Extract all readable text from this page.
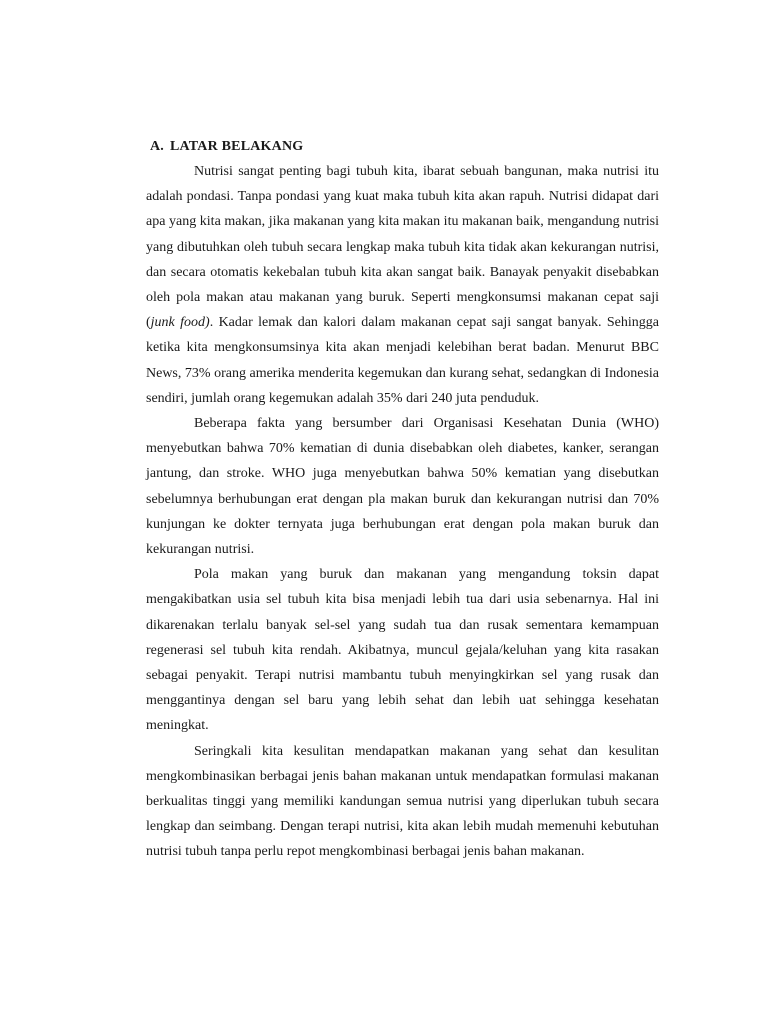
A. LATAR BELAKANG

Nutrisi sangat penting bagi tubuh kita, ibarat sebuah bangunan, maka nutrisi itu adalah pondasi. Tanpa pondasi yang kuat maka tubuh kita akan rapuh. Nutrisi didapat dari apa yang kita makan, jika makanan yang kita makan itu makanan baik, mengandung nutrisi yang dibutuhkan oleh tubuh secara lengkap maka tubuh kita tidak akan kekurangan nutrisi, dan secara otomatis kekebalan tubuh kita akan sangat baik. Banayak penyakit disebabkan oleh pola makan atau makanan yang buruk. Seperti mengkonsumsi makanan cepat saji (junk food). Kadar lemak dan kalori dalam makanan cepat saji sangat banyak. Sehingga ketika kita mengkonsumsinya kita akan menjadi kelebihan berat badan. Menurut BBC News, 73% orang amerika menderita kegemukan dan kurang sehat, sedangkan di Indonesia sendiri, jumlah orang kegemukan adalah 35% dari 240 juta penduduk.

Beberapa fakta yang bersumber dari Organisasi Kesehatan Dunia (WHO) menyebutkan bahwa 70% kematian di dunia disebabkan oleh diabetes, kanker, serangan jantung, dan stroke. WHO juga menyebutkan bahwa 50% kematian yang disebutkan sebelumnya berhubungan erat dengan pla makan buruk dan kekurangan nutrisi dan 70% kunjungan ke dokter ternyata juga berhubungan erat dengan pola makan buruk dan kekurangan nutrisi.

Pola makan yang buruk dan makanan yang mengandung toksin dapat mengakibatkan usia sel tubuh kita bisa menjadi lebih tua dari usia sebenarnya. Hal ini dikarenakan terlalu banyak sel-sel yang sudah tua dan rusak sementara kemampuan regenerasi sel tubuh kita rendah. Akibatnya, muncul gejala/keluhan yang kita rasakan sebagai penyakit. Terapi nutrisi mambantu tubuh menyingkirkan sel yang rusak dan menggantinya dengan sel baru yang lebih sehat dan lebih uat sehingga kesehatan meningkat.

Seringkali kita kesulitan mendapatkan makanan yang sehat dan kesulitan mengkombinasikan berbagai jenis bahan makanan untuk mendapatkan formulasi makanan berkualitas tinggi yang memiliki kandungan semua nutrisi yang diperlukan tubuh secara lengkap dan seimbang. Dengan terapi nutrisi, kita akan lebih mudah memenuhi kebutuhan nutrisi tubuh tanpa perlu repot mengkombinasi berbagai jenis bahan makanan.
